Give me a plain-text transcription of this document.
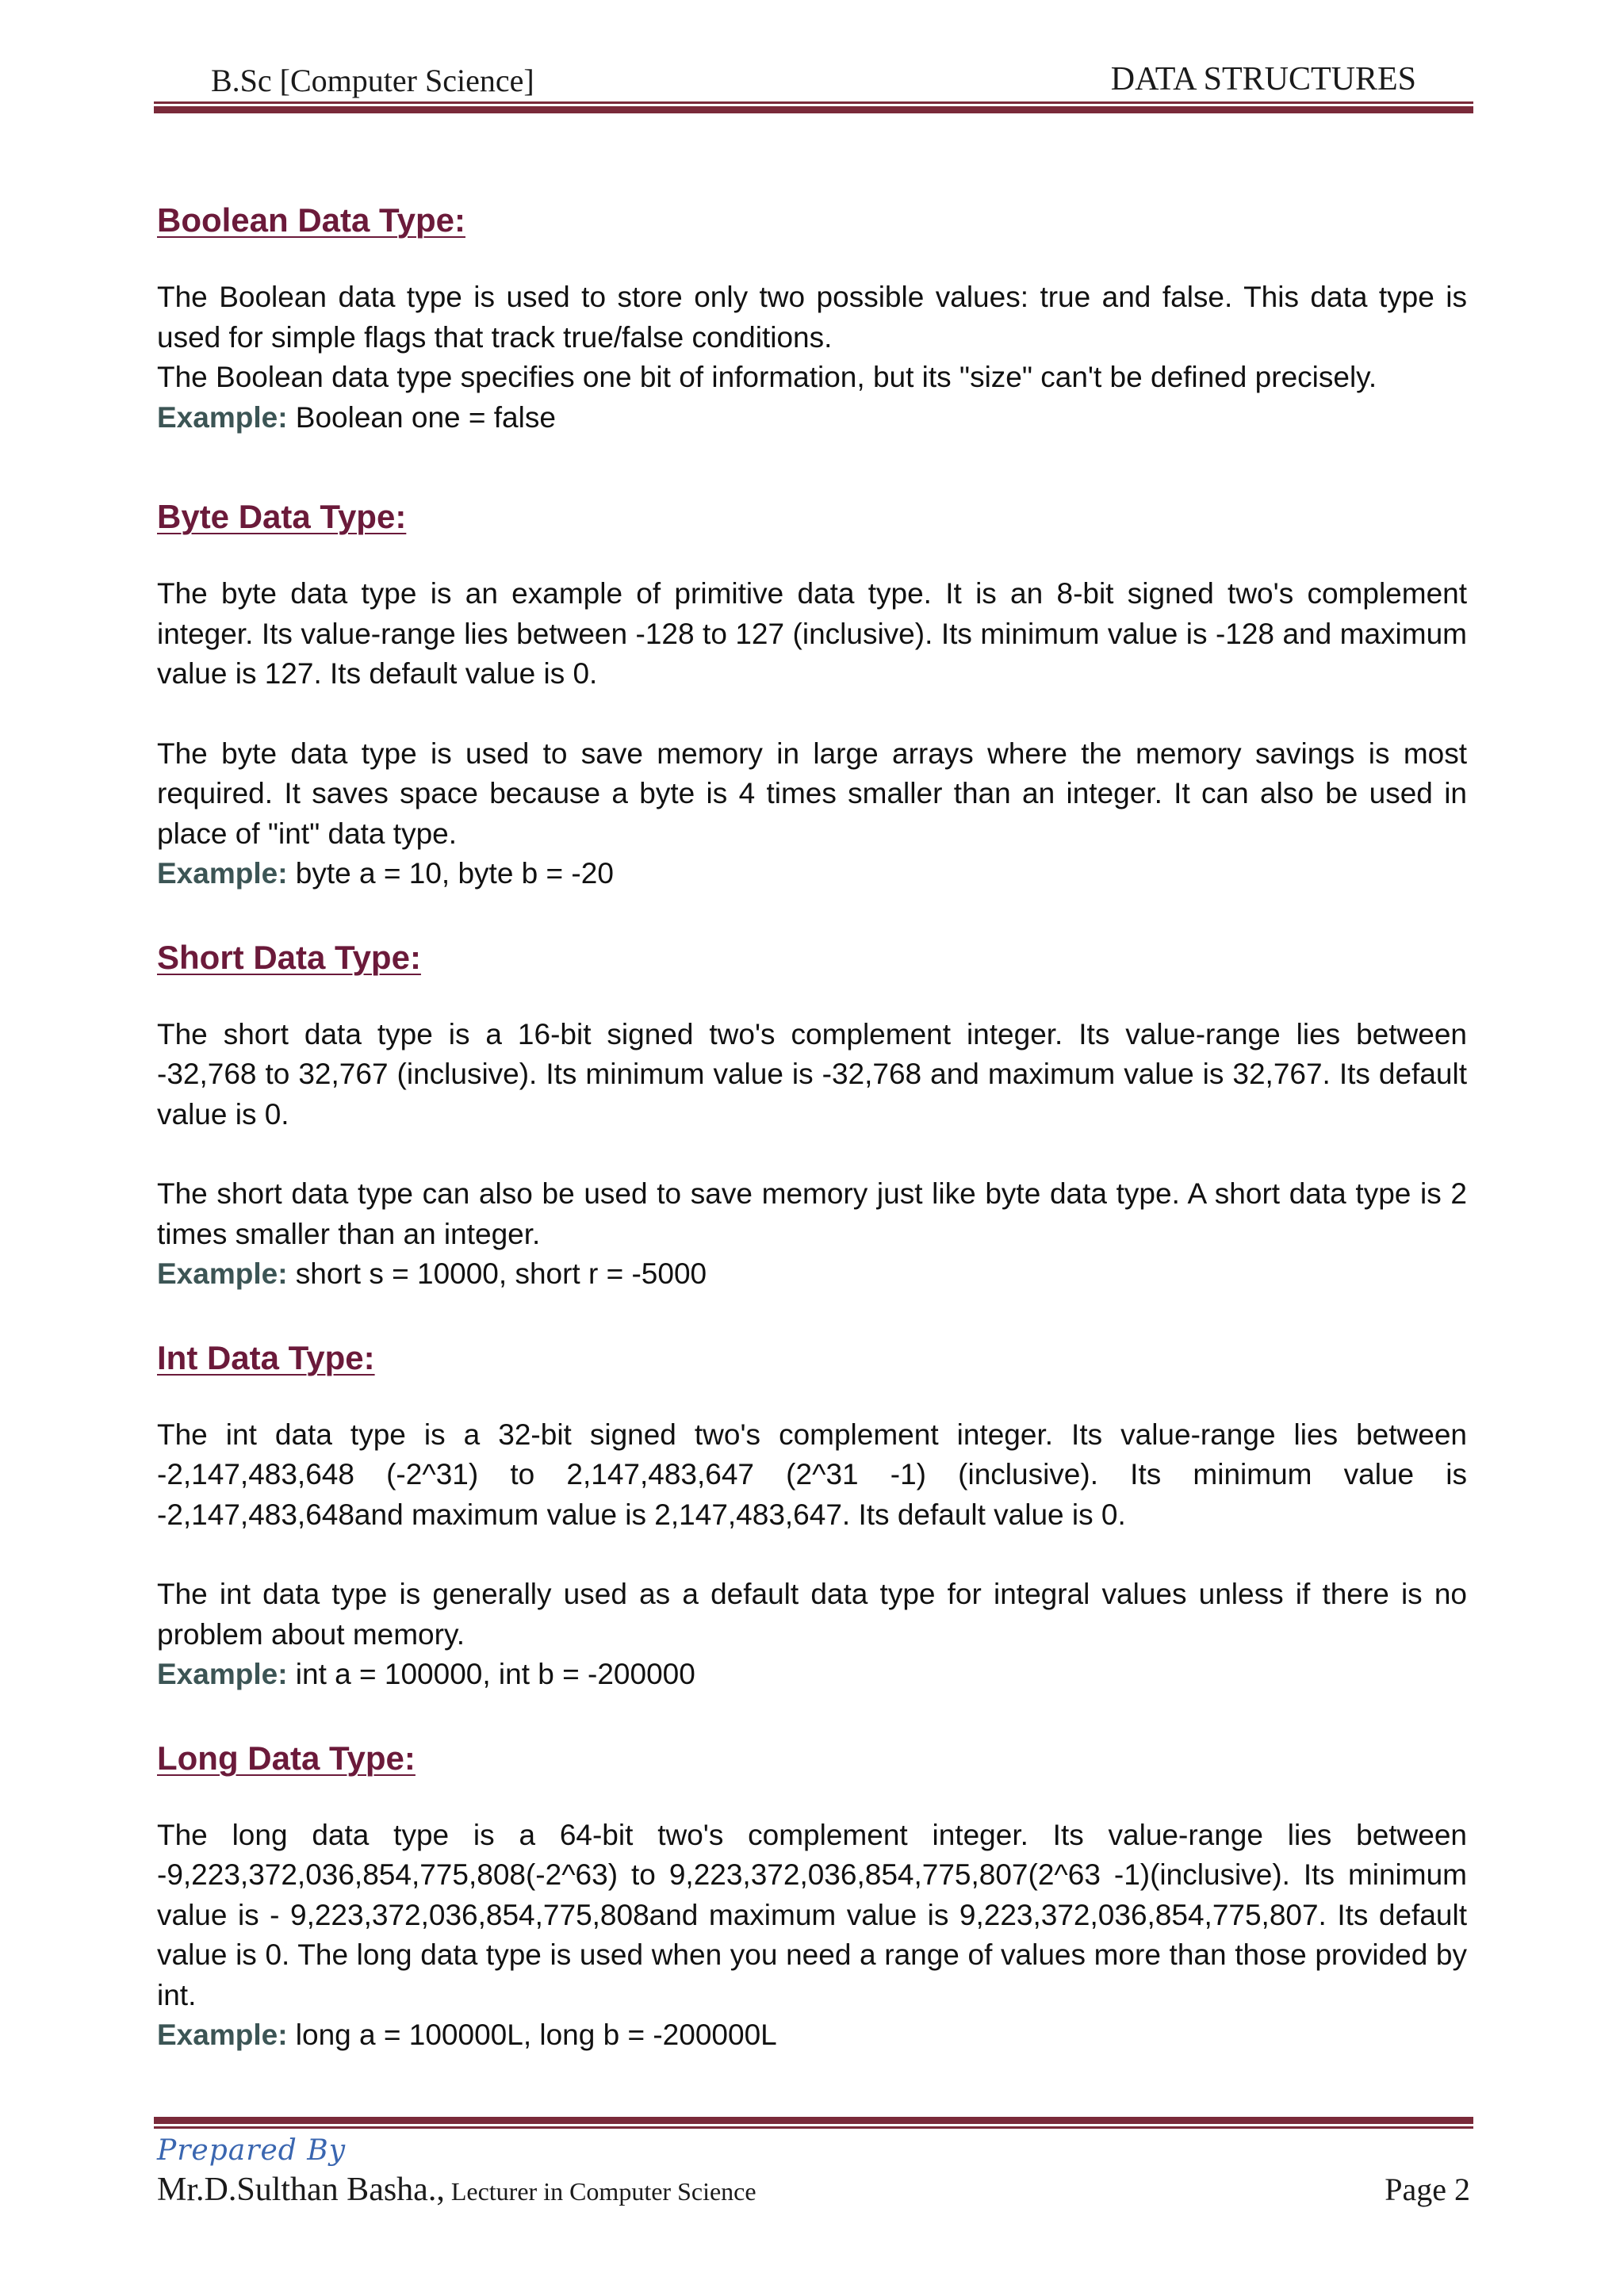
B.Sc [Computer Science]	DATA STRUCTURES
Boolean Data Type:

The Boolean data type is used to store only two possible values: true and false. This data type is used for simple flags that track true/false conditions.

The Boolean data type specifies one bit of information, but its "size" can't be defined precisely.

Example: Boolean one = false

Byte Data Type:

The byte data type is an example of primitive data type. It is an 8-bit signed two's complement integer. Its value-range lies between -128 to 127 (inclusive). Its minimum value is -128 and maximum value is 127. Its default value is 0.

The byte data type is used to save memory in large arrays where the memory savings is most required. It saves space because a byte is 4 times smaller than an integer. It can also be used in place of "int" data type.

Example: byte a = 10, byte b = -20

Short Data Type:

The short data type is a 16-bit signed two's complement integer. Its value-range lies between -32,768 to 32,767 (inclusive). Its minimum value is -32,768 and maximum value is 32,767. Its default value is 0.

The short data type can also be used to save memory just like byte data type. A short data type is 2 times smaller than an integer.

Example: short s = 10000, short r = -5000

Int Data Type:

The int data type is a 32-bit signed two's complement integer. Its value-range lies between -2,147,483,648 (-2^31) to 2,147,483,647 (2^31 -1) (inclusive). Its minimum value is -2,147,483,648and maximum value is 2,147,483,647. Its default value is 0.

The int data type is generally used as a default data type for integral values unless if there is no problem about memory.

Example: int a = 100000, int b = -200000

Long Data Type:

The long data type is a 64-bit two's complement integer. Its value-range lies between -9,223,372,036,854,775,808(-2^63) to 9,223,372,036,854,775,807(2^63 -1)(inclusive). Its minimum value is - 9,223,372,036,854,775,808and maximum value is 9,223,372,036,854,775,807. Its default value is 0. The long data type is used when you need a range of values more than those provided by int.

Example: long a = 100000L, long b = -200000L

Prepared By
Mr.D.Sulthan Basha., Lecturer in Computer Science	Page 2
